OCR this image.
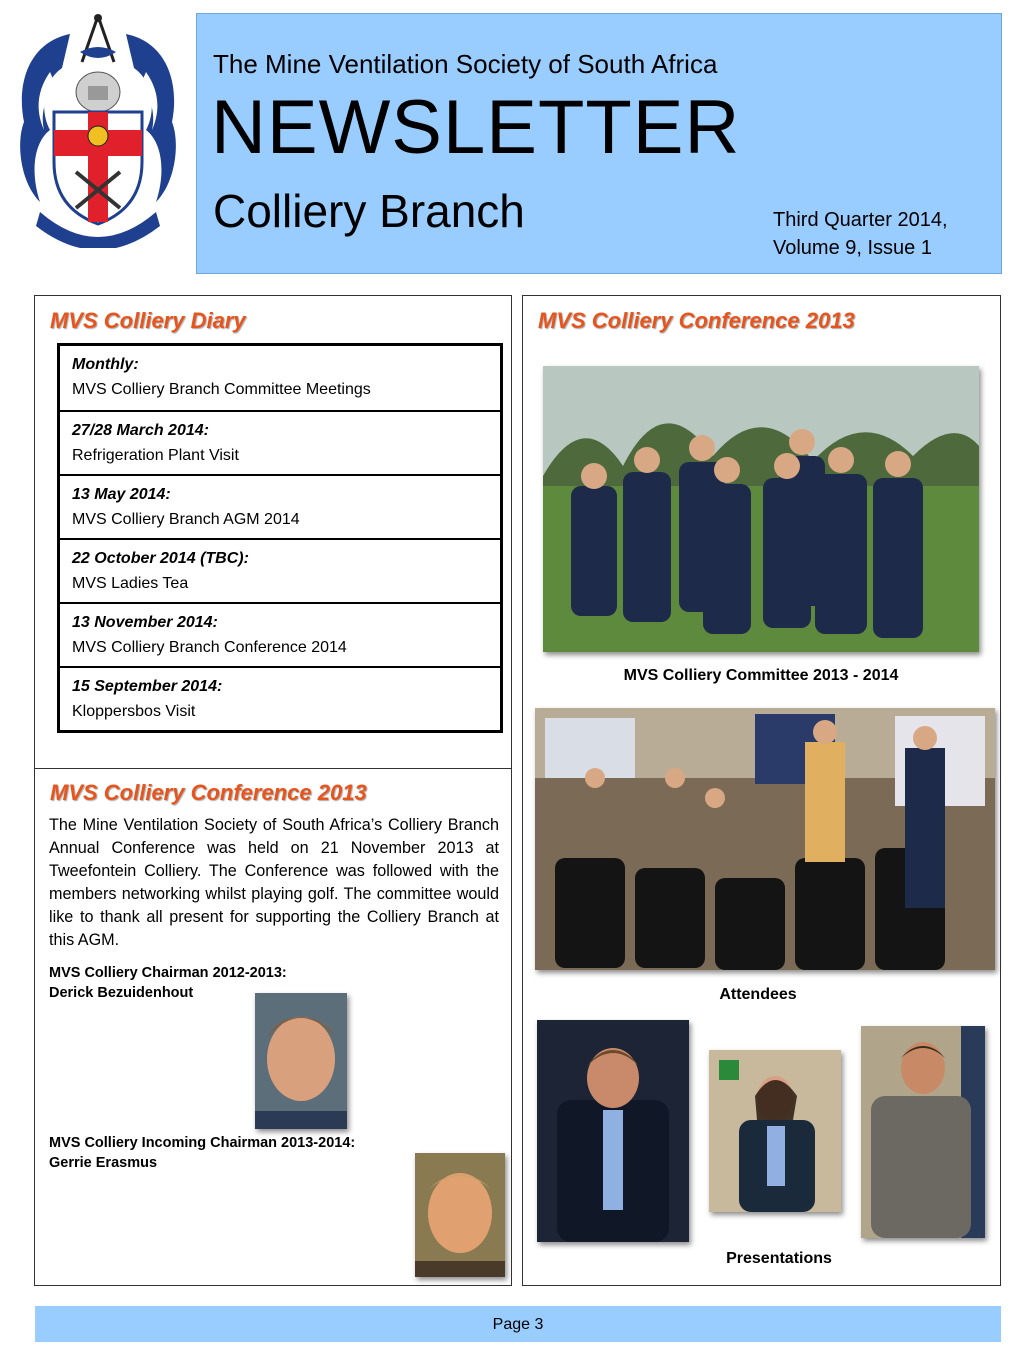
The Mine Ventilation Society of South Africa
NEWSLETTER
Colliery Branch	Third Quarter 2014,
Volume 9, Issue 1
MVS Colliery Diary
Monthly:
MVS Colliery Branch Committee Meetings
27/28 March 2014:
Refrigeration Plant Visit
13 May 2014:
MVS Colliery Branch AGM 2014
22 October 2014 (TBC):
MVS Ladies Tea
13 November 2014:
MVS Colliery Branch Conference 2014
15 September 2014:
Kloppersbos Visit
MVS Colliery Conference 2013
The Mine Ventilation Society of South Africa’s Colliery Branch Annual Conference was held on 21 November 2013 at Tweefontein Colliery. The Conference was followed with the members networking whilst playing golf. The committee would like to thank all present for supporting the Colliery Branch at this AGM.
MVS Colliery Chairman 2012-2013:
Derick Bezuidenhout
MVS Colliery Incoming Chairman 2013-2014:
Gerrie Erasmus
MVS Colliery Conference 2013
MVS Colliery Committee 2013 - 2014
Attendees
Presentations
Page 3
